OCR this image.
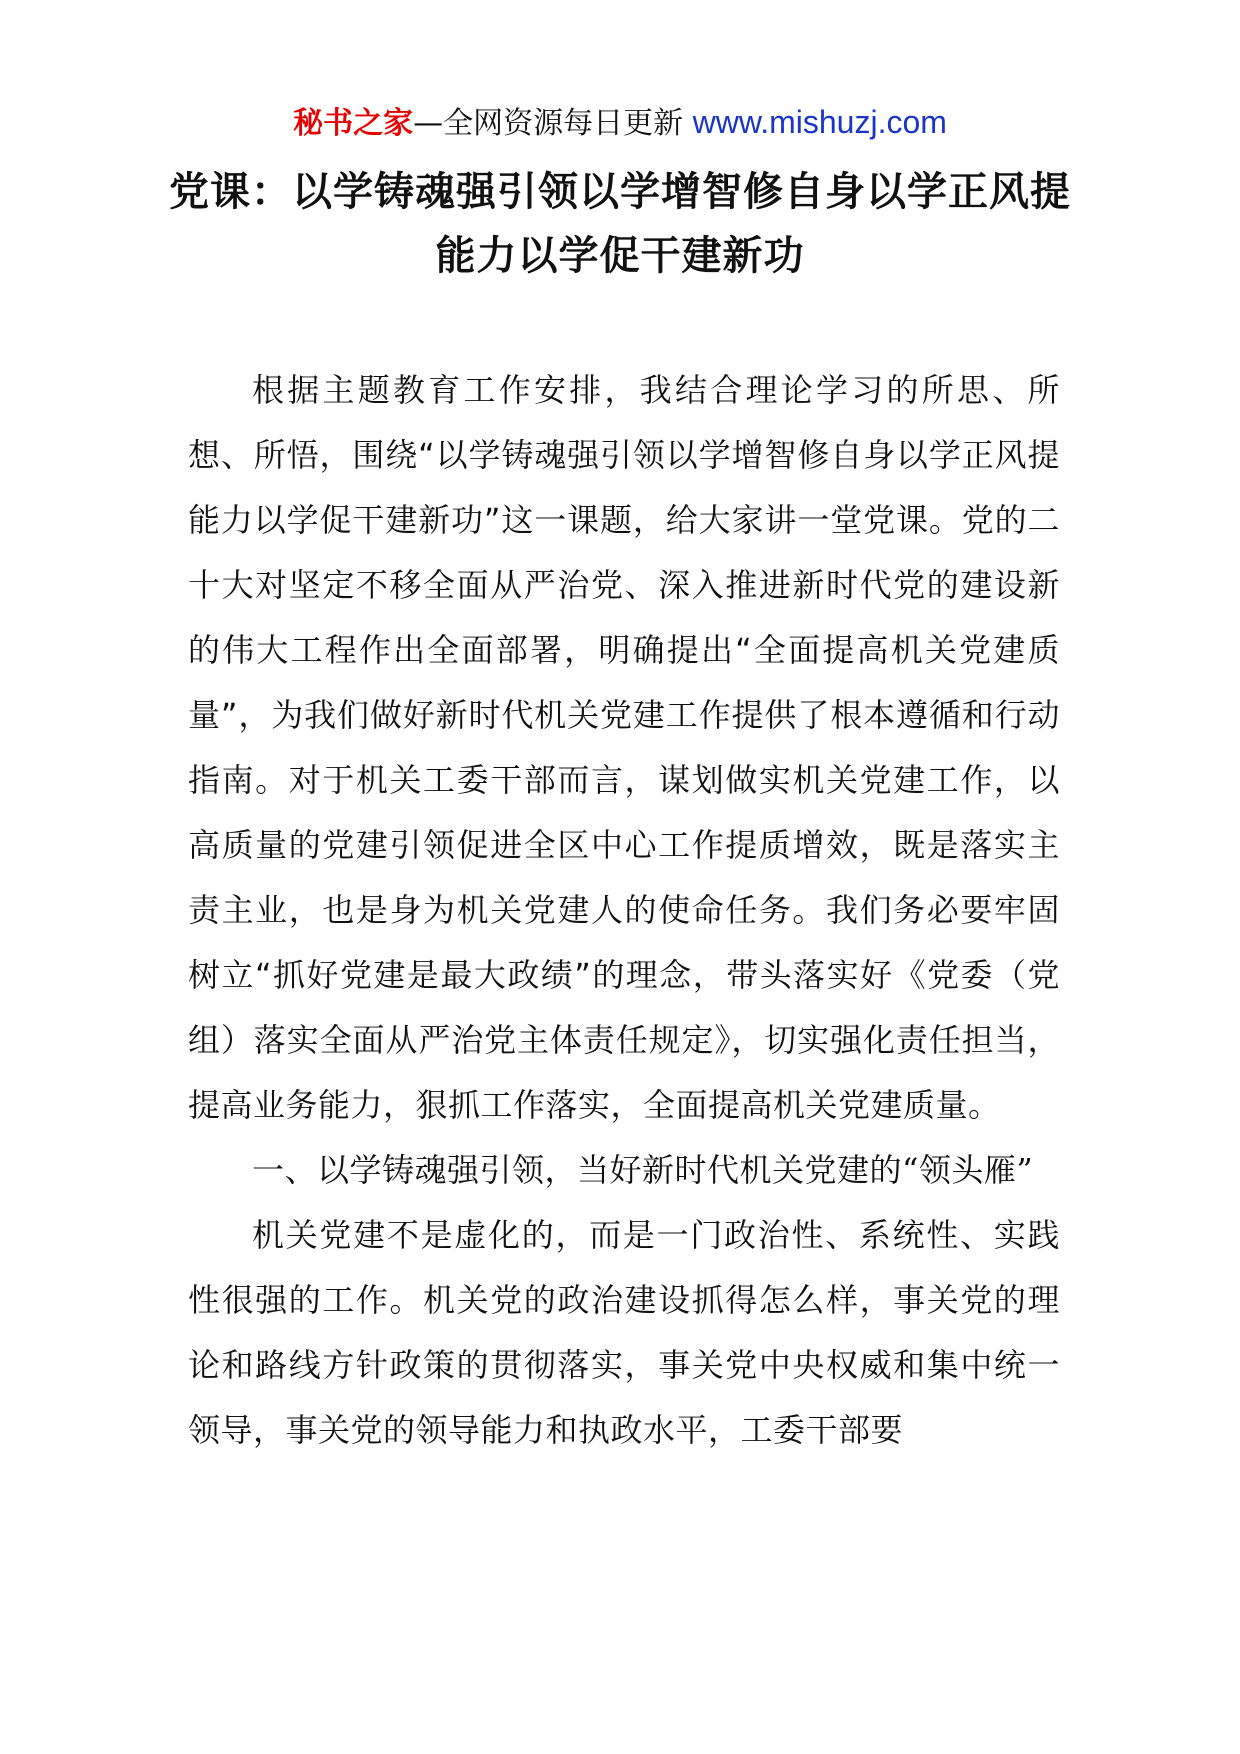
秘书之家—全网资源每日更新 www.mishuzj.com
党课：以学铸魂强引领以学增智修自身以学正风提能力以学促干建新功

根据主题教育工作安排，我结合理论学习的所思、所想、所悟，围绕“以学铸魂强引领以学增智修自身以学正风提能力以学促干建新功”这一课题，给大家讲一堂党课。党的二十大对坚定不移全面从严治党、深入推进新时代党的建设新的伟大工程作出全面部署，明确提出“全面提高机关党建质量”，为我们做好新时代机关党建工作提供了根本遵循和行动指南。对于机关工委干部而言，谋划做实机关党建工作，以高质量的党建引领促进全区中心工作提质增效，既是落实主责主业，也是身为机关党建人的使命任务。我们务必要牢固树立“抓好党建是最大政绩”的理念，带头落实好《党委（党组）落实全面从严治党主体责任规定》，切实强化责任担当，提高业务能力，狠抓工作落实，全面提高机关党建质量。

一、以学铸魂强引领，当好新时代机关党建的“领头雁”

机关党建不是虚化的，而是一门政治性、系统性、实践性很强的工作。机关党的政治建设抓得怎么样，事关党的理论和路线方针政策的贯彻落实，事关党中央权威和集中统一领导，事关党的领导能力和执政水平，工委干部要
